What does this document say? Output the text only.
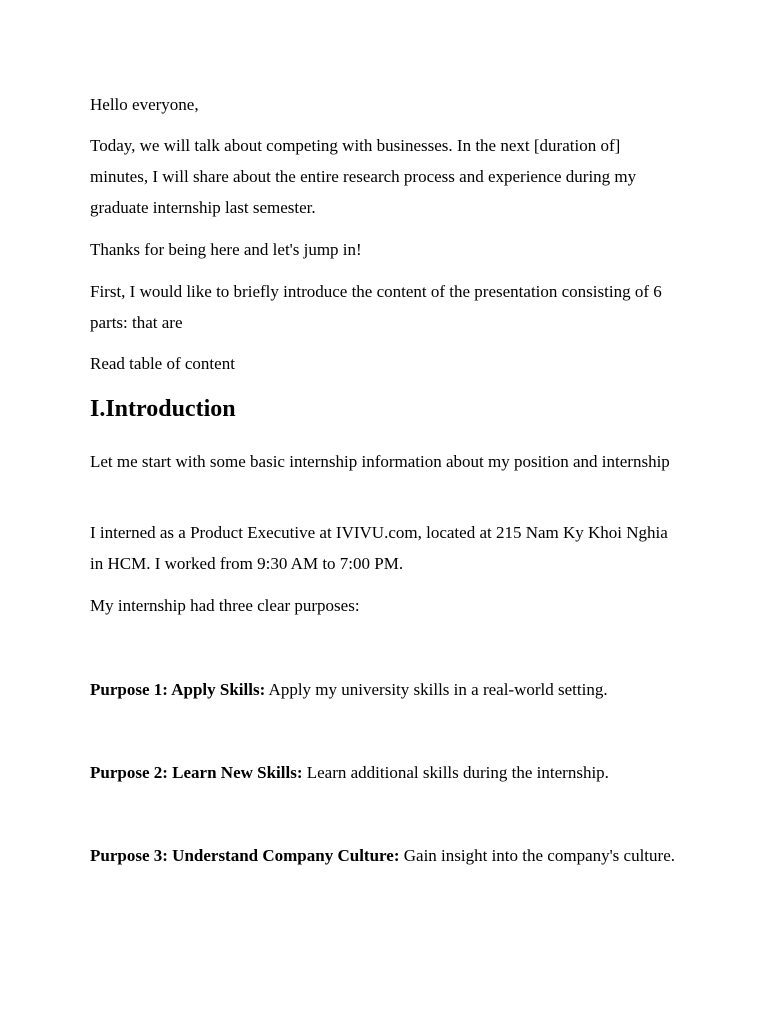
Hello everyone,

Today, we will talk about competing with businesses. In the next [duration of] minutes, I will share about the entire research process and experience during my graduate internship last semester.

Thanks for being here and let's jump in!

First, I would like to briefly introduce the content of the presentation consisting of 6 parts: that are

Read table of content

I.Introduction

Let me start with some basic internship information about my position and internship

I interned as a Product Executive at IVIVU.com, located at 215 Nam Ky Khoi Nghia in HCM. I worked from 9:30 AM to 7:00 PM.

My internship had three clear purposes:

Purpose 1: Apply Skills: Apply my university skills in a real-world setting.

Purpose 2: Learn New Skills: Learn additional skills during the internship.

Purpose 3: Understand Company Culture: Gain insight into the company's culture.
